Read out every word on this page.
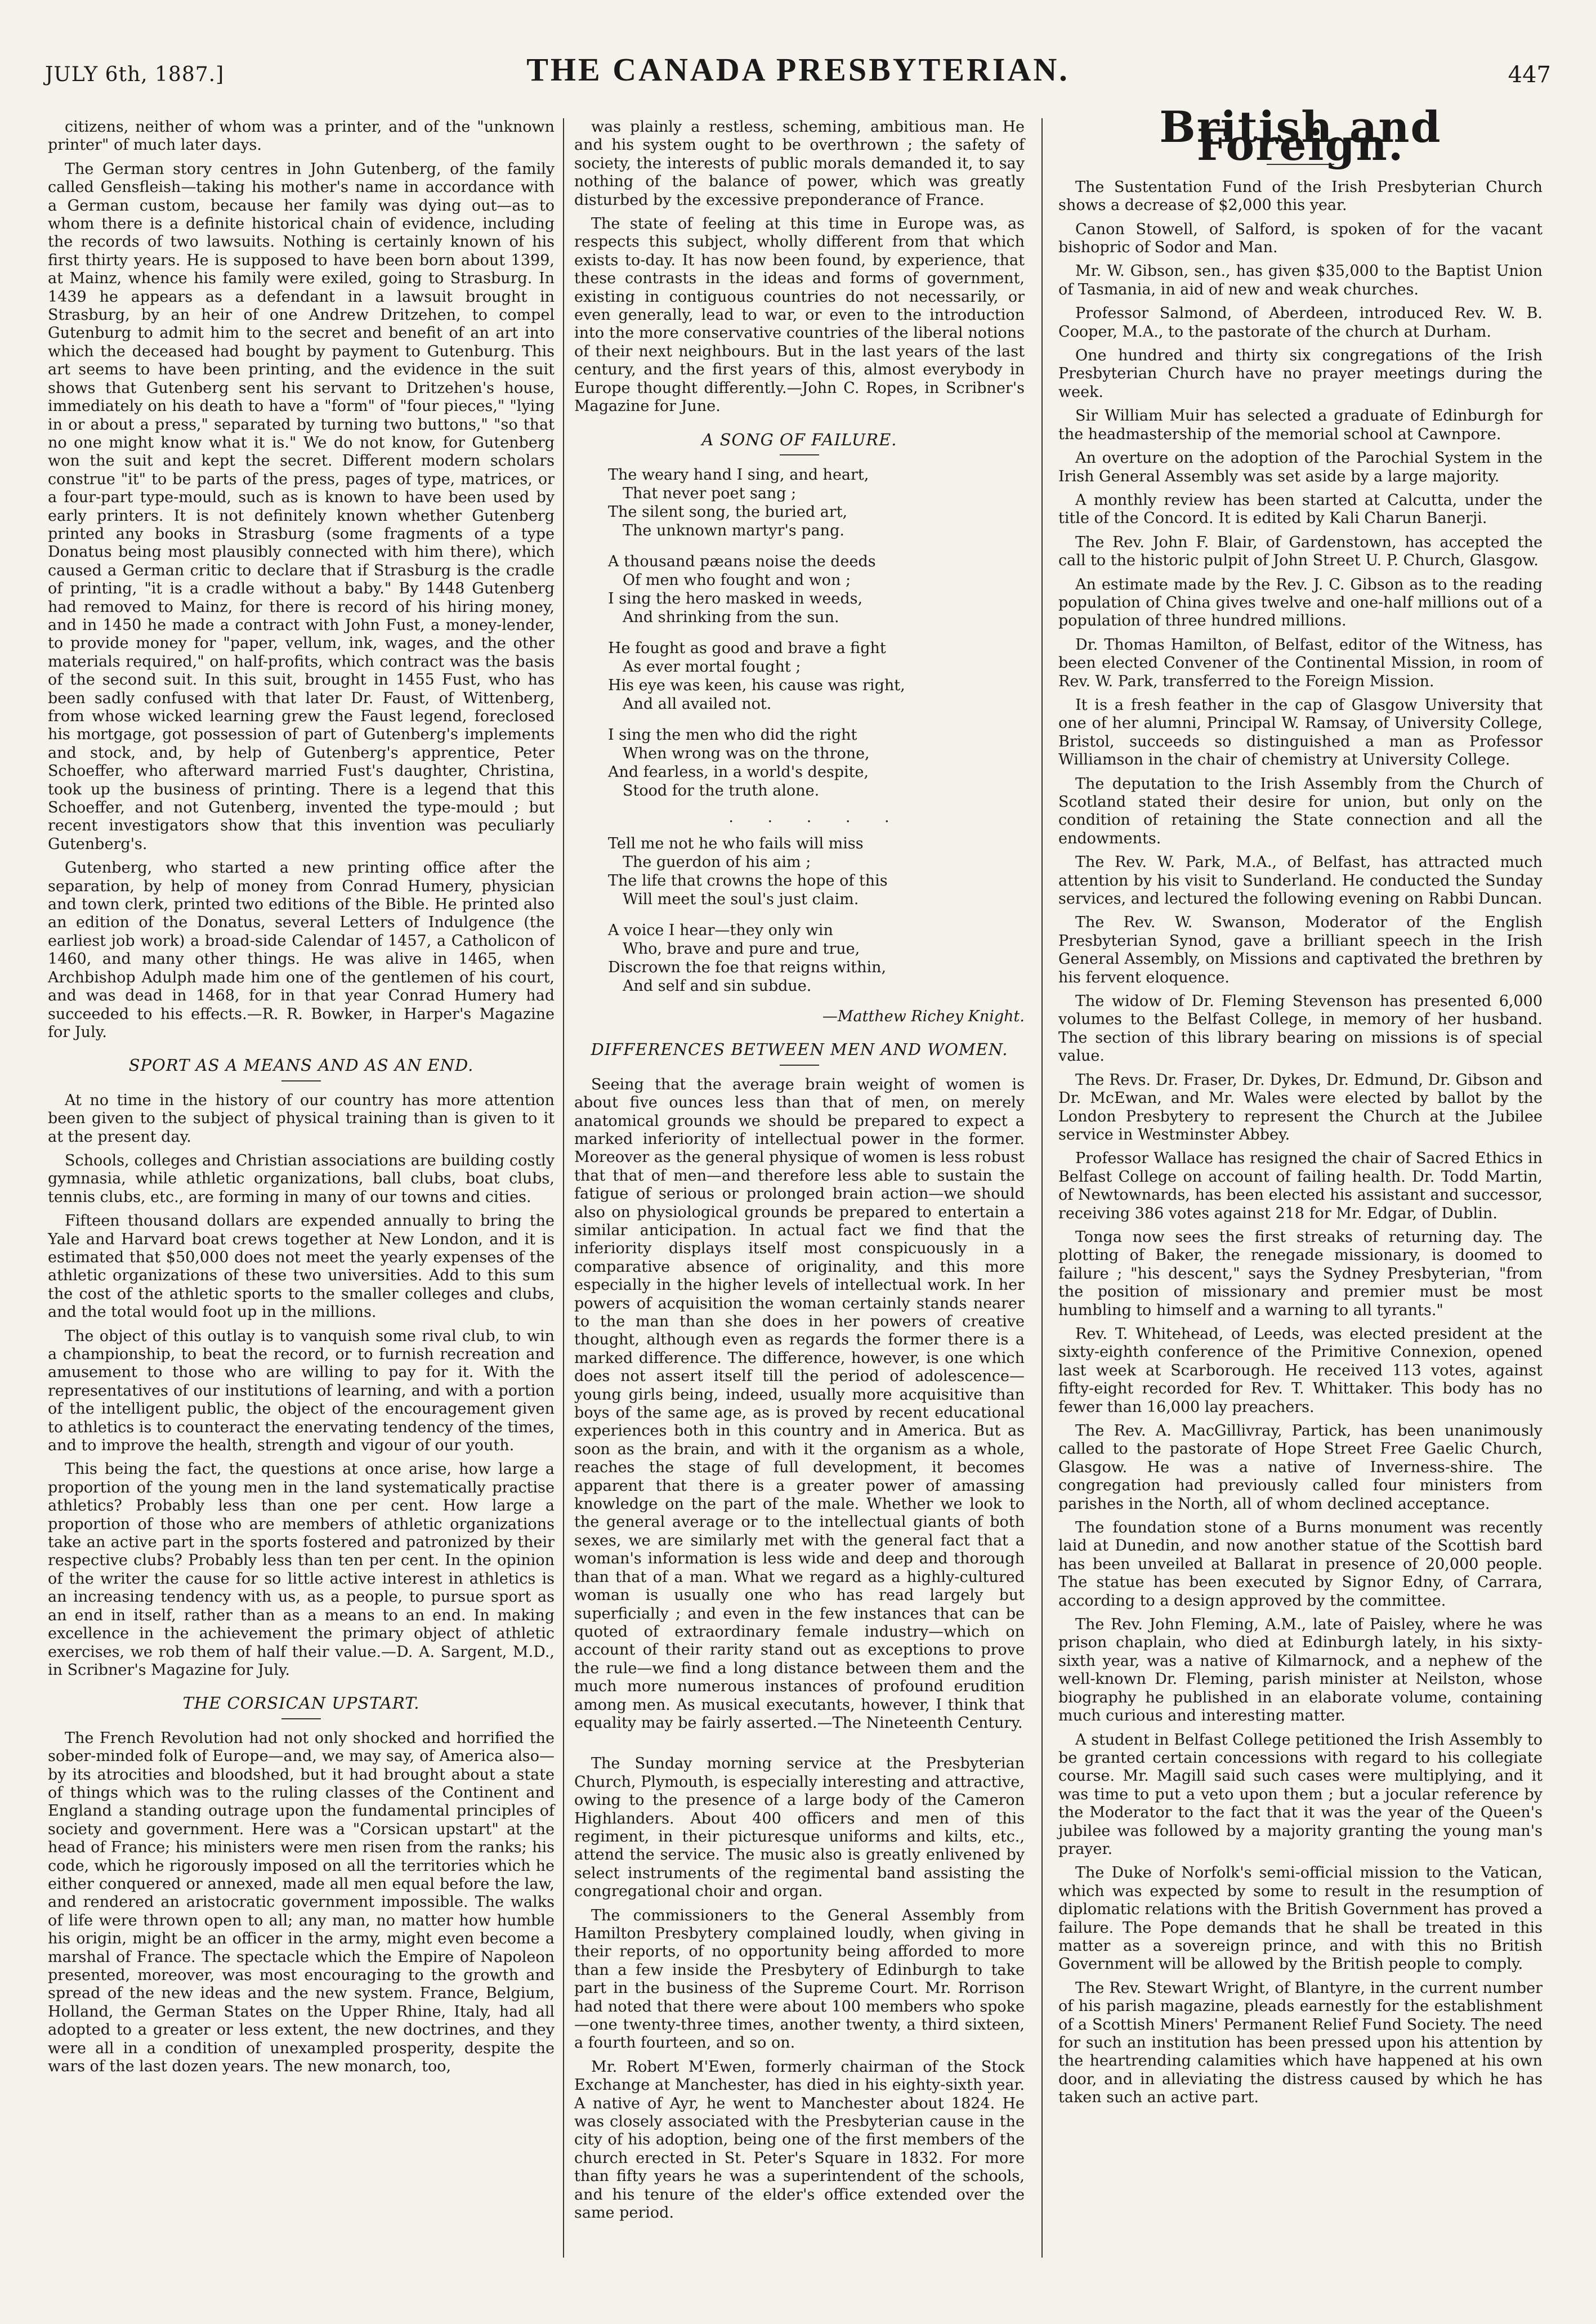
JULY 6th, 1887.]	THE CANADA PRESBYTERIAN.	447

citizens, neither of whom was a printer, and of the "unknown printer" of much later days.

The German story centres in John Gutenberg, of the family called Gensfleish—taking his mother's name in accordance with a German custom, because her family was dying out—as to whom there is a definite historical chain of evidence, including the records of two lawsuits. Nothing is certainly known of his first thirty years. He is supposed to have been born about 1399, at Mainz, whence his family were exiled, going to Strasburg. In 1439 he appears as a defendant in a lawsuit brought in Strasburg, by an heir of one Andrew Dritzehen, to compel Gutenburg to admit him to the secret and benefit of an art into which the deceased had bought by payment to Gutenburg. This art seems to have been printing, and the evidence in the suit shows that Gutenberg sent his servant to Dritzehen's house, immediately on his death to have a "form" of "four pieces," "lying in or about a press," separated by turning two buttons," "so that no one might know what it is." We do not know, for Gutenberg won the suit and kept the secret. Different modern scholars construe "it" to be parts of the press, pages of type, matrices, or a four-part type-mould, such as is known to have been used by early printers. It is not definitely known whether Gutenberg printed any books in Strasburg (some fragments of a type Donatus being most plausibly connected with him there), which caused a German critic to declare that if Strasburg is the cradle of printing, "it is a cradle without a baby." By 1448 Gutenberg had removed to Mainz, for there is record of his hiring money, and in 1450 he made a contract with John Fust, a money-lender, to provide money for "paper, vellum, ink, wages, and the other materials required," on half-profits, which contract was the basis of the second suit. In this suit, brought in 1455 Fust, who has been sadly confused with that later Dr. Faust, of Wittenberg, from whose wicked learning grew the Faust legend, foreclosed his mortgage, got possession of part of Gutenberg's implements and stock, and, by help of Gutenberg's apprentice, Peter Schoeffer, who afterward married Fust's daughter, Christina, took up the business of printing. There is a legend that this Schoeffer, and not Gutenberg, invented the type-mould ; but recent investigators show that this invention was peculiarly Gutenberg's.

Gutenberg, who started a new printing office after the separation, by help of money from Conrad Humery, physician and town clerk, printed two editions of the Bible. He printed also an edition of the Donatus, several Letters of Indulgence (the earliest job work) a broad-side Calendar of 1457, a Catholicon of 1460, and many other things. He was alive in 1465, when Archbishop Adulph made him one of the gentlemen of his court, and was dead in 1468, for in that year Conrad Humery had succeeded to his effects.—R. R. Bowker, in Harper's Magazine for July.

SPORT AS A MEANS AND AS AN END.

At no time in the history of our country has more attention been given to the subject of physical training than is given to it at the present day.

Schools, colleges and Christian associations are building costly gymnasia, while athletic organizations, ball clubs, boat clubs, tennis clubs, etc., are forming in many of our towns and cities.

Fifteen thousand dollars are expended annually to bring the Yale and Harvard boat crews together at New London, and it is estimated that $50,000 does not meet the yearly expenses of the athletic organizations of these two universities. Add to this sum the cost of the athletic sports to the smaller colleges and clubs, and the total would foot up in the millions.

The object of this outlay is to vanquish some rival club, to win a championship, to beat the record, or to furnish recreation and amusement to those who are willing to pay for it. With the representatives of our institutions of learning, and with a portion of the intelligent public, the object of the encouragement given to athletics is to counteract the enervating tendency of the times, and to improve the health, strength and vigour of our youth.

This being the fact, the questions at once arise, how large a proportion of the young men in the land systematically practise athletics? Probably less than one per cent. How large a proportion of those who are members of athletic organizations take an active part in the sports fostered and patronized by their respective clubs? Probably less than ten per cent. In the opinion of the writer the cause for so little active interest in athletics is an increasing tendency with us, as a people, to pursue sport as an end in itself, rather than as a means to an end. In making excellence in the achievement the primary object of athletic exercises, we rob them of half their value.—D. A. Sargent, M.D., in Scribner's Magazine for July.

THE CORSICAN UPSTART.

The French Revolution had not only shocked and horrified the sober-minded folk of Europe—and, we may say, of America also—by its atrocities and bloodshed, but it had brought about a state of things which was to the ruling classes of the Continent and England a standing outrage upon the fundamental principles of society and government. Here was a "Corsican upstart" at the head of France; his ministers were men risen from the ranks; his code, which he rigorously imposed on all the territories which he either conquered or annexed, made all men equal before the law, and rendered an aristocratic government impossible. The walks of life were thrown open to all; any man, no matter how humble his origin, might be an officer in the army, might even become a marshal of France. The spectacle which the Empire of Napoleon presented, moreover, was most encouraging to the growth and spread of the new ideas and the new system. France, Belgium, Holland, the German States on the Upper Rhine, Italy, had all adopted to a greater or less extent, the new doctrines, and they were all in a condition of unexampled prosperity, despite the wars of the last dozen years. The new monarch, too,

was plainly a restless, scheming, ambitious man. He and his system ought to be overthrown ; the safety of society, the interests of public morals demanded it, to say nothing of the balance of power, which was greatly disturbed by the excessive preponderance of France.

The state of feeling at this time in Europe was, as respects this subject, wholly different from that which exists to-day. It has now been found, by experience, that these contrasts in the ideas and forms of government, existing in contiguous countries do not necessarily, or even generally, lead to war, or even to the introduction into the more conservative countries of the liberal notions of their next neighbours. But in the last years of the last century, and the first years of this, almost everybody in Europe thought differently.—John C. Ropes, in Scribner's Magazine for June.

A SONG OF FAILURE.
The weary hand I sing, and heart,
That never poet sang ;
The silent song, the buried art,
The unknown martyr's pang.
A thousand pæans noise the deeds
Of men who fought and won ;
I sing the hero masked in weeds,
And shrinking from the sun.
He fought as good and brave a fight
As ever mortal fought ;
His eye was keen, his cause was right,
And all availed not.
I sing the men who did the right
When wrong was on the throne,
And fearless, in a world's despite,
Stood for the truth alone.
. . . . .
Tell me not he who fails will miss
The guerdon of his aim ;
The life that crowns the hope of this
Will meet the soul's just claim.
A voice I hear—they only win
Who, brave and pure and true,
Discrown the foe that reigns within,
And self and sin subdue.
—Matthew Richey Knight.
DIFFERENCES BETWEEN MEN AND WOMEN.

Seeing that the average brain weight of women is about five ounces less than that of men, on merely anatomical grounds we should be prepared to expect a marked inferiority of intellectual power in the former. Moreover as the general physique of women is less robust that that of men—and therefore less able to sustain the fatigue of serious or prolonged brain action—we should also on physiological grounds be prepared to entertain a similar anticipation. In actual fact we find that the inferiority displays itself most conspicuously in a comparative absence of originality, and this more especially in the higher levels of intellectual work. In her powers of acquisition the woman certainly stands nearer to the man than she does in her powers of creative thought, although even as regards the former there is a marked difference. The difference, however, is one which does not assert itself till the period of adolescence—young girls being, indeed, usually more acquisitive than boys of the same age, as is proved by recent educational experiences both in this country and in America. But as soon as the brain, and with it the organism as a whole, reaches the stage of full development, it becomes apparent that there is a greater power of amassing knowledge on the part of the male. Whether we look to the general average or to the intellectual giants of both sexes, we are similarly met with the general fact that a woman's information is less wide and deep and thorough than that of a man. What we regard as a highly-cultured woman is usually one who has read largely but superficially ; and even in the few instances that can be quoted of extraordinary female industry—which on account of their rarity stand out as exceptions to prove the rule—we find a long distance between them and the much more numerous instances of profound erudition among men. As musical executants, however, I think that equality may be fairly asserted.—The Nineteenth Century.

The Sunday morning service at the Presbyterian Church, Plymouth, is especially interesting and attractive, owing to the presence of a large body of the Cameron Highlanders. About 400 officers and men of this regiment, in their picturesque uniforms and kilts, etc., attend the service. The music also is greatly enlivened by select instruments of the regimental band assisting the congregational choir and organ.

The commissioners to the General Assembly from Hamilton Presbytery complained loudly, when giving in their reports, of no opportunity being afforded to more than a few inside the Presbytery of Edinburgh to take part in the business of the Supreme Court. Mr. Rorrison had noted that there were about 100 members who spoke—one twenty-three times, another twenty, a third sixteen, a fourth fourteen, and so on.

Mr. Robert M'Ewen, formerly chairman of the Stock Exchange at Manchester, has died in his eighty-sixth year. A native of Ayr, he went to Manchester about 1824. He was closely associated with the Presbyterian cause in the city of his adoption, being one of the first members of the church erected in St. Peter's Square in 1832. For more than fifty years he was a superintendent of the schools, and his tenure of the elder's office extended over the same period.

British and Foreign.

The Sustentation Fund of the Irish Presbyterian Church shows a decrease of $2,000 this year.

Canon Stowell, of Salford, is spoken of for the vacant bishopric of Sodor and Man.

Mr. W. Gibson, sen., has given $35,000 to the Baptist Union of Tasmania, in aid of new and weak churches.

Professor Salmond, of Aberdeen, introduced Rev. W. B. Cooper, M.A., to the pastorate of the church at Durham.

One hundred and thirty six congregations of the Irish Presbyterian Church have no prayer meetings during the week.

Sir William Muir has selected a graduate of Edinburgh for the headmastership of the memorial school at Cawnpore.

An overture on the adoption of the Parochial System in the Irish General Assembly was set aside by a large majority.

A monthly review has been started at Calcutta, under the title of the Concord. It is edited by Kali Charun Banerji.

The Rev. John F. Blair, of Gardenstown, has accepted the call to the historic pulpit of John Street U. P. Church, Glasgow.

An estimate made by the Rev. J. C. Gibson as to the reading population of China gives twelve and one-half millions out of a population of three hundred millions.

Dr. Thomas Hamilton, of Belfast, editor of the Witness, has been elected Convener of the Continental Mission, in room of Rev. W. Park, transferred to the Foreign Mission.

It is a fresh feather in the cap of Glasgow University that one of her alumni, Principal W. Ramsay, of University College, Bristol, succeeds so distinguished a man as Professor Williamson in the chair of chemistry at University College.

The deputation to the Irish Assembly from the Church of Scotland stated their desire for union, but only on the condition of retaining the State connection and all the endowments.

The Rev. W. Park, M.A., of Belfast, has attracted much attention by his visit to Sunderland. He conducted the Sunday services, and lectured the following evening on Rabbi Duncan.

The Rev. W. Swanson, Moderator of the English Presbyterian Synod, gave a brilliant speech in the Irish General Assembly, on Missions and captivated the brethren by his fervent eloquence.

The widow of Dr. Fleming Stevenson has presented 6,000 volumes to the Belfast College, in memory of her husband. The section of this library bearing on missions is of special value.

The Revs. Dr. Fraser, Dr. Dykes, Dr. Edmund, Dr. Gibson and Dr. McEwan, and Mr. Wales were elected by ballot by the London Presbytery to represent the Church at the Jubilee service in Westminster Abbey.

Professor Wallace has resigned the chair of Sacred Ethics in Belfast College on account of failing health. Dr. Todd Martin, of Newtownards, has been elected his assistant and successor, receiving 386 votes against 218 for Mr. Edgar, of Dublin.

Tonga now sees the first streaks of returning day. The plotting of Baker, the renegade missionary, is doomed to failure ; "his descent," says the Sydney Presbyterian, "from the position of missionary and premier must be most humbling to himself and a warning to all tyrants."

Rev. T. Whitehead, of Leeds, was elected president at the sixty-eighth conference of the Primitive Connexion, opened last week at Scarborough. He received 113 votes, against fifty-eight recorded for Rev. T. Whittaker. This body has no fewer than 16,000 lay preachers.

The Rev. A. MacGillivray, Partick, has been unanimously called to the pastorate of Hope Street Free Gaelic Church, Glasgow. He was a native of Inverness-shire. The congregation had previously called four ministers from parishes in the North, all of whom declined acceptance.

The foundation stone of a Burns monument was recently laid at Dunedin, and now another statue of the Scottish bard has been unveiled at Ballarat in presence of 20,000 people. The statue has been executed by Signor Edny, of Carrara, according to a design approved by the committee.

The Rev. John Fleming, A.M., late of Paisley, where he was prison chaplain, who died at Edinburgh lately, in his sixty-sixth year, was a native of Kilmarnock, and a nephew of the well-known Dr. Fleming, parish minister at Neilston, whose biography he published in an elaborate volume, containing much curious and interesting matter.

A student in Belfast College petitioned the Irish Assembly to be granted certain concessions with regard to his collegiate course. Mr. Magill said such cases were multiplying, and it was time to put a veto upon them ; but a jocular reference by the Moderator to the fact that it was the year of the Queen's jubilee was followed by a majority granting the young man's prayer.

The Duke of Norfolk's semi-official mission to the Vatican, which was expected by some to result in the resumption of diplomatic relations with the British Government has proved a failure. The Pope demands that he shall be treated in this matter as a sovereign prince, and with this no British Government will be allowed by the British people to comply.

The Rev. Stewart Wright, of Blantyre, in the current number of his parish magazine, pleads earnestly for the establishment of a Scottish Miners' Permanent Relief Fund Society. The need for such an institution has been pressed upon his attention by the heartrending calamities which have happened at his own door, and in alleviating the distress caused by which he has taken such an active part.
